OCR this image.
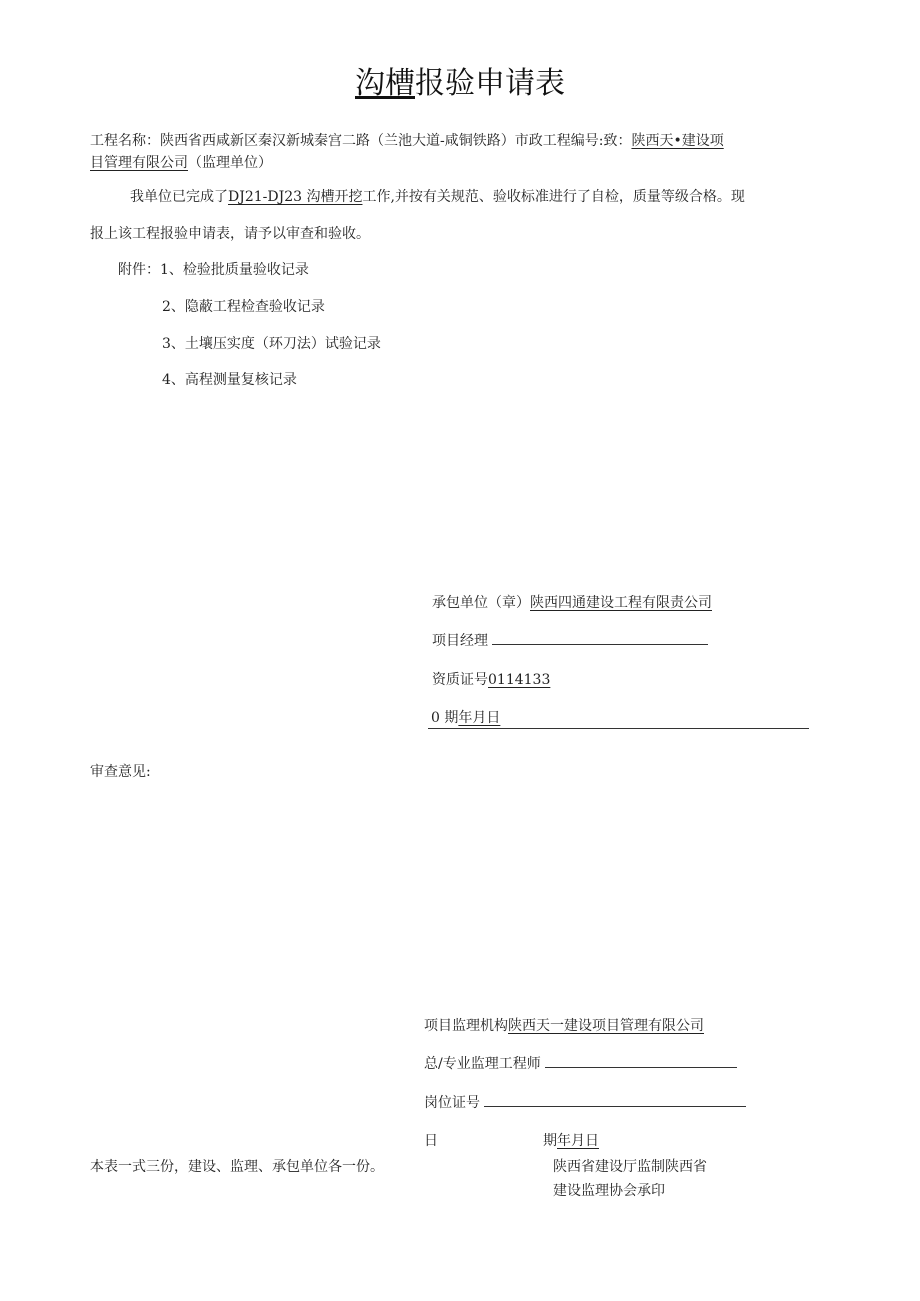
沟槽报验申请表
工程名称：陕西省西咸新区秦汉新城秦宫二路（兰池大道-咸铜铁路）市政工程编号:致：陕西天•建设项
目管理有限公司（监理单位）
我单位已完成了DJ21-DJ23 沟槽开挖工作,并按有关规范、验收标准进行了自检，质量等级合格。现
报上该工程报验申请表，请予以审查和验收。
附件：1、检验批质量验收记录
2、隐蔽工程检查验收记录
3、土壤压实度（环刀法）试验记录
4、高程测量复核记录
承包单位（章）陕西四通建设工程有限责公司
项目经理
资质证号0114133
0 期年月日
审查意见:
项目监理机构陕西天一建设项目管理有限公司
总/专业监理工程师
岗位证号
日	期年月日
本表一式三份，建设、监理、承包单位各一份。	陕西省建设厅监制陕西省
建设监理协会承印
